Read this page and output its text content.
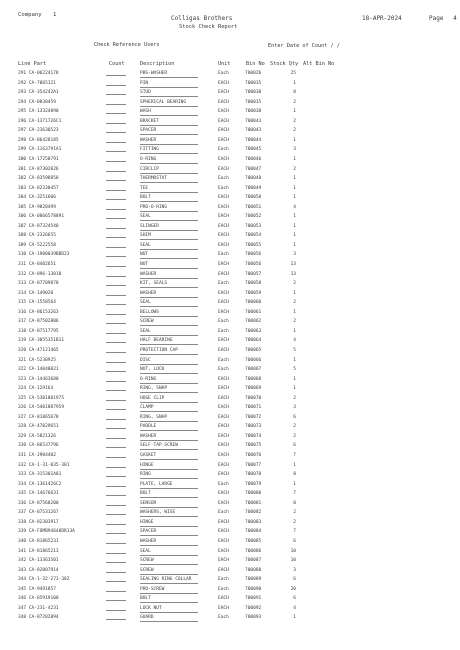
Company 1	Colligas Brothers
Stock Check Report
18-APR-2024	Page 4
Check Reference Users	Enter Date of Count / /
Line Part	Count	Description	Unit	Bin No Stock Qty Alt Bin No
291 CA-06224178	PBS-WASHER	Each	700026	25
292 CA-7065121	PIN	EACH	700035	1
293 CA-354242A1	STUD	EACH	700030	8
294 CA-0838459	SPHERICAL BEARING	EACH	700035	2
295 CA-13324890	WASH	EACH	700038	1
296 CA-1371726C1	BRACKET	EACH	700043	2
297 CA-23630523	SPACER	EACH	700043	2
298 CA-86428185	WASHER	EACH	700044	1
299 CA-1163791A1	FITTING	Each	700045	3
300 CA-17250791	O-RING	EACH	700046	1
301 CA-87302026	CIRCLIP	EACH	700047	2
302 CA-83598858	THERMOSTAT	Each	700048	1
303 CA-82330457	TEE	Each	700049	1
304 CA-3251606	BOLT	EACH	700050	1
305 CA-9828499	PRO-O-RING	EACH	700051	4
306 CA-0866578891	SEAL	EACH	700052	1
307 CA-87324540	SLINGER	EACH	700053	1
308 CA-2326655	SHIM	EACH	700054	1
309 CA-5222558	SEAL	EACH	700055	1
310 CA-1900039BBD23	NUT	Each	700056	3
311 CA-8402651	NUT	EACH	700056	13
312 CA-896-13018	WASHER	EACH	700057	13
313 CA-87709878	KIT, SEALS	Each	700058	2
314 CA-149020	WASHER	EACH	700059	1
315 CA-1558564	SEAL	EACH	700060	2
316 CA-86153263	BELLOWS	EACH	700061	1
317 CA-87502806	SCREW	Each	700062	2
318 CA-87517795	SEAL	Each	700063	1
319 CA-3055351B11	HALF BEARING	EACH	700064	4
320 CA-47121465	PROTECTION CAP	EACH	700065	5
321 CA-5230925	DISC	Each	700066	1
322 CA-14048021	NUT, LOCK	Each	700067	5
323 CA-14463680	O-RING	EACH	700068	1
324 CA-129164	RING, SNAP	EACH	700069	1
325 CA-5301801975	HOSE CLIP	EACH	700070	2
326 CA-5401887959	CLAMP	EACH	700071	3
327 CA-81865678	RING, SNAP	EACH	700072	6
328 CA-47029651	PADDLE	EACH	700073	2
329 CA-5821326	WASHER	EACH	700074	2
330 CA-86537796	SELF-TAP SCREW	EACH	700075	6
331 CA-J904402	GASKET	EACH	700076	7
332 CA-1-31-035-381	HINGE	EACH	700077	1
333 CA-315301A01	RING	EACH	700078	8
334 CA-1361426C2	PLATE, LARGE	Each	700079	1
335 CA-14676631	BOLT	EACH	700080	7
336 CA-87568200	SENSOR	EACH	700081	0
337 CA-87531267	WASHERS, WISE	Each	700082	2
338 CA-82303917	HINGE	EACH	700083	2
339 CA-FOMB94640DR13A	SPACER	EACH	700084	7
340 CA-81865231	WASHER	EACH	700085	6
341 CA-81865213	SEAL	EACH	700086	10
342 CA-13363501	SCREW	EACH	700087	10
343 CA-82007914	SCREW	EACH	700088	3
344 CA-1-32-271-382	SEALING RING COLLAR	Each	700089	6
345 CA-9491857	PRO-SCREW	Each	700090	20
346 CA-85919100	BOLT	EACH	700091	6
347 CA-231-4231	LOCK NUT	EACH	700092	4
348 CA-87282094	GUARD	Each	700093	1
